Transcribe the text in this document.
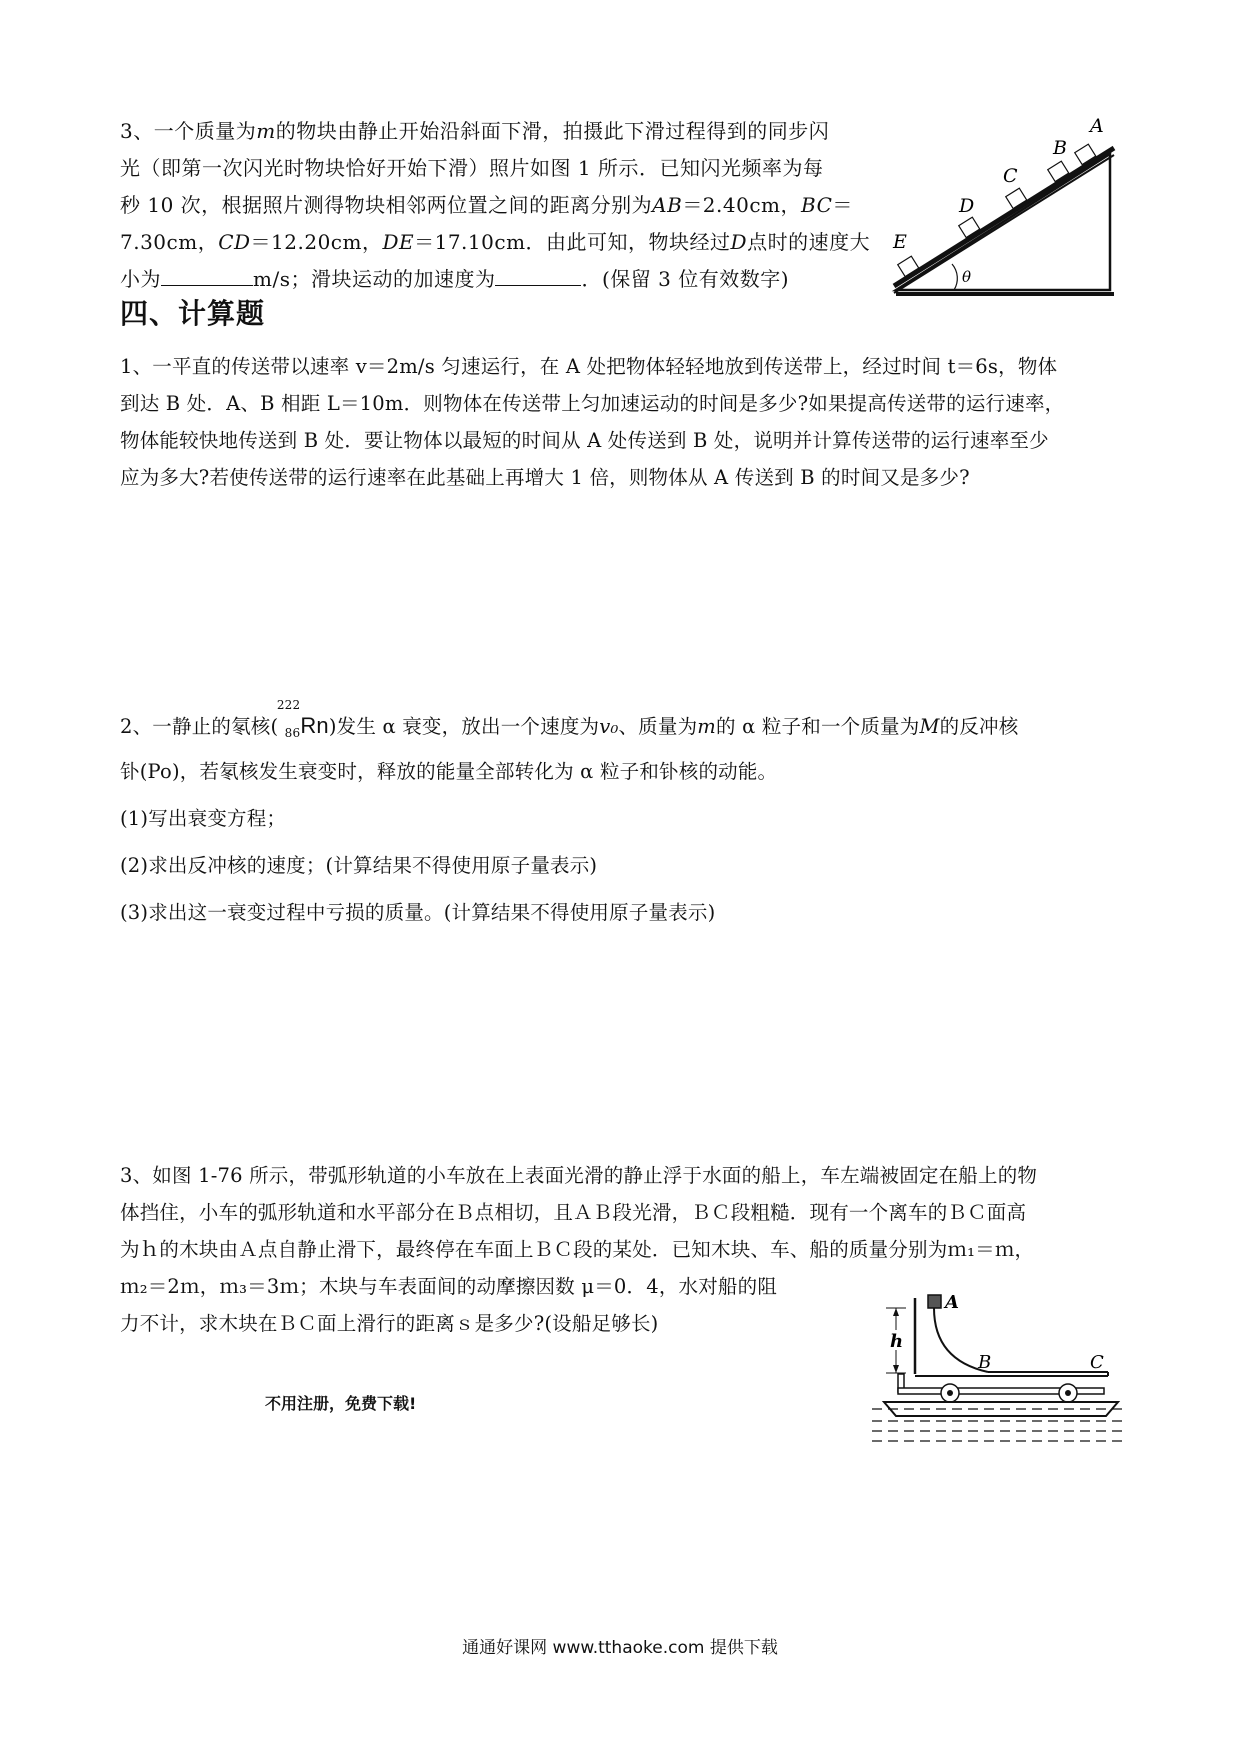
3、一个质量为m的物块由静止开始沿斜面下滑，拍摄此下滑过程得到的同步闪

光（即第一次闪光时物块恰好开始下滑）照片如图 1 所示．已知闪光频率为每

秒 10 次，根据照片测得物块相邻两位置之间的距离分别为AB＝2.40cm，BC＝

7.30cm，CD＝12.20cm，DE＝17.10cm．由此可知，物块经过D点时的速度大

小为	m/s；滑块运动的加速度为	．(保留 3 位有效数字)

A
B
C
D
E
θ
四、计算题

1、一平直的传送带以速率 v＝2m/s 匀速运行，在 A 处把物体轻轻地放到传送带上，经过时间 t＝6s，物体

到达 B 处．A、B 相距 L＝10m．则物体在传送带上匀加速运动的时间是多少?如果提高传送带的运行速率，

物体能较快地传送到 B 处．要让物体以最短的时间从 A 处传送到 B 处，说明并计算传送带的运行速率至少

应为多大?若使传送带的运行速率在此基础上再增大 1 倍，则物体从 A 传送到 B 的时间又是多少?

2、一静止的氡核(
222
86 Rn)发生 α 衰变，放出一个速度为v₀、质量为m的 α 粒子和一个质量为M的反冲核

钋(Po)，若氡核发生衰变时，释放的能量全部转化为 α 粒子和钋核的动能。

(1)写出衰变方程；

(2)求出反冲核的速度；(计算结果不得使用原子量表示)

(3)求出这一衰变过程中亏损的质量。(计算结果不得使用原子量表示)

3、如图 1-76 所示，带弧形轨道的小车放在上表面光滑的静止浮于水面的船上，车左端被固定在船上的物

体挡住，小车的弧形轨道和水平部分在Ｂ点相切，且ＡＢ段光滑，ＢＣ段粗糙．现有一个离车的ＢＣ面高

为ｈ的木块由Ａ点自静止滑下，最终停在车面上ＢＣ段的某处．已知木块、车、船的质量分别为ｍ₁＝ｍ，

ｍ₂＝2ｍ，ｍ₃＝3ｍ；木块与车表面间的动摩擦因数 μ＝0．4，水对船的阻

力不计，求木块在ＢＣ面上滑行的距离ｓ是多少?(设船足够长)

A
h
B	C
不用注册，免费下载!
通通好课网 www.tthaoke.com 提供下载
